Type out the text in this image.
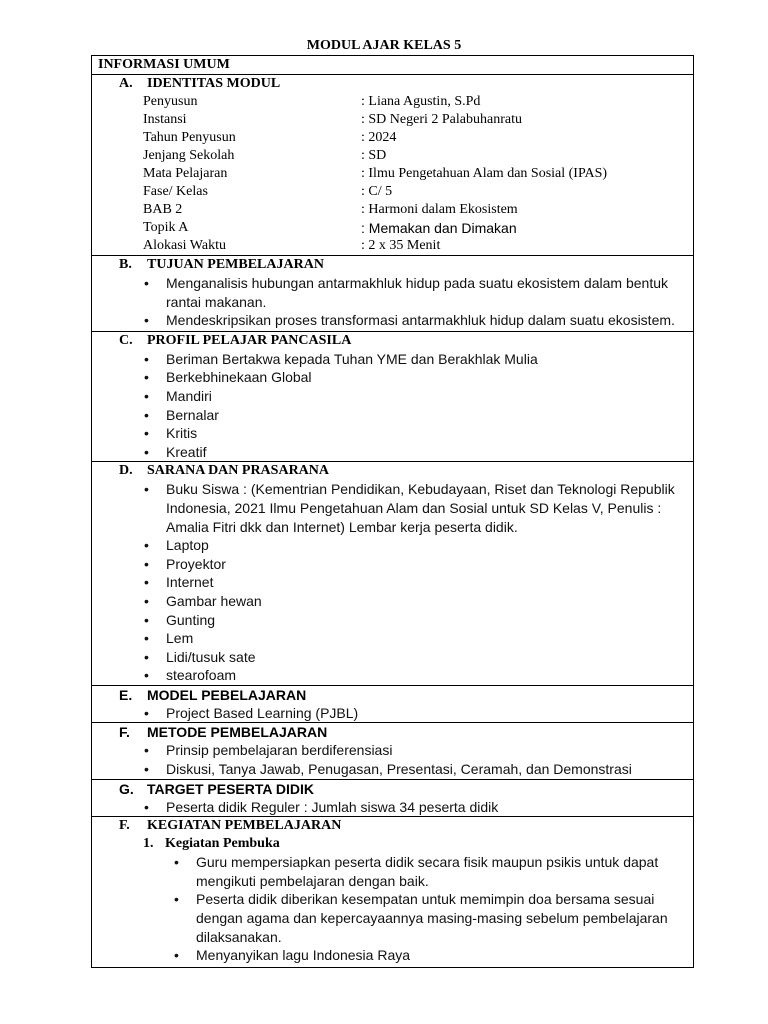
MODUL AJAR KELAS 5
INFORMASI UMUM

A. IDENTITAS MODUL
Penyusun	: Liana Agustin, S.Pd
Instansi	: SD Negeri 2 Palabuhanratu
Tahun Penyusun	: 2024
Jenjang Sekolah	: SD
Mata Pelajaran	: Ilmu Pengetahuan Alam dan Sosial (IPAS)
Fase/ Kelas	: C/ 5
BAB 2	: Harmoni dalam Ekosistem
Topik A	: Memakan dan Dimakan
Alokasi Waktu	: 2 x 35 Menit

B. TUJUAN PEMBELAJARAN
• Menganalisis hubungan antarmakhluk hidup pada suatu ekosistem dalam bentuk rantai makanan.
• Mendeskripsikan proses transformasi antarmakhluk hidup dalam suatu ekosistem.

C. PROFIL PELAJAR PANCASILA
• Beriman Bertakwa kepada Tuhan YME dan Berakhlak Mulia
• Berkebhinekaan Global
• Mandiri
• Bernalar
• Kritis
• Kreatif

D. SARANA DAN PRASARANA
• Buku Siswa : (Kementrian Pendidikan, Kebudayaan, Riset dan Teknologi Republik Indonesia, 2021 Ilmu Pengetahuan Alam dan Sosial untuk SD Kelas V, Penulis : Amalia Fitri dkk dan Internet) Lembar kerja peserta didik.
• Laptop
• Proyektor
• Internet
• Gambar hewan
• Gunting
• Lem
• Lidi/tusuk sate
• stearofoam

E. MODEL PEBELAJARAN
• Project Based Learning (PJBL)

F. METODE PEMBELAJARAN
• Prinsip pembelajaran berdiferensiasi
• Diskusi, Tanya Jawab, Penugasan, Presentasi, Ceramah, dan Demonstrasi

G. TARGET PESERTA DIDIK
• Peserta didik Reguler : Jumlah siswa 34 peserta didik

F. KEGIATAN PEMBELAJARAN
1. Kegiatan Pembuka
• Guru mempersiapkan peserta didik secara fisik maupun psikis untuk dapat mengikuti pembelajaran dengan baik.
• Peserta didik diberikan kesempatan untuk memimpin doa bersama sesuai dengan agama dan kepercayaannya masing-masing sebelum pembelajaran dilaksanakan.
• Menyanyikan lagu Indonesia Raya
